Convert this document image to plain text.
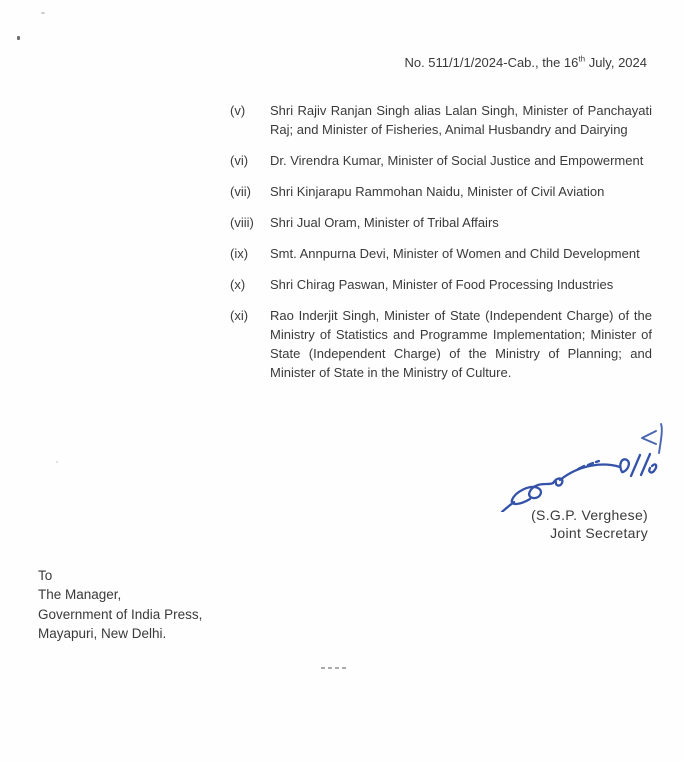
No. 511/1/1/2024-Cab., the 16th July, 2024
(v)	Shri Rajiv Ranjan Singh alias Lalan Singh, Minister of Panchayati Raj; and Minister of Fisheries, Animal Husbandry and Dairying
(vi)	Dr. Virendra Kumar, Minister of Social Justice and Empowerment
(vii)	Shri Kinjarapu Rammohan Naidu, Minister of Civil Aviation
(viii)	Shri Jual Oram, Minister of Tribal Affairs
(ix)	Smt. Annpurna Devi, Minister of Women and Child Development
(x)	Shri Chirag Paswan, Minister of Food Processing Industries
(xi)	Rao Inderjit Singh, Minister of State (Independent Charge) of the Ministry of Statistics and Programme Implementation; Minister of State (Independent Charge) of the Ministry of Planning; and Minister of State in the Ministry of Culture.
(S.G.P. Verghese)
Joint Secretary
To
The Manager,
Government of India Press,
Mayapuri, New Delhi.
